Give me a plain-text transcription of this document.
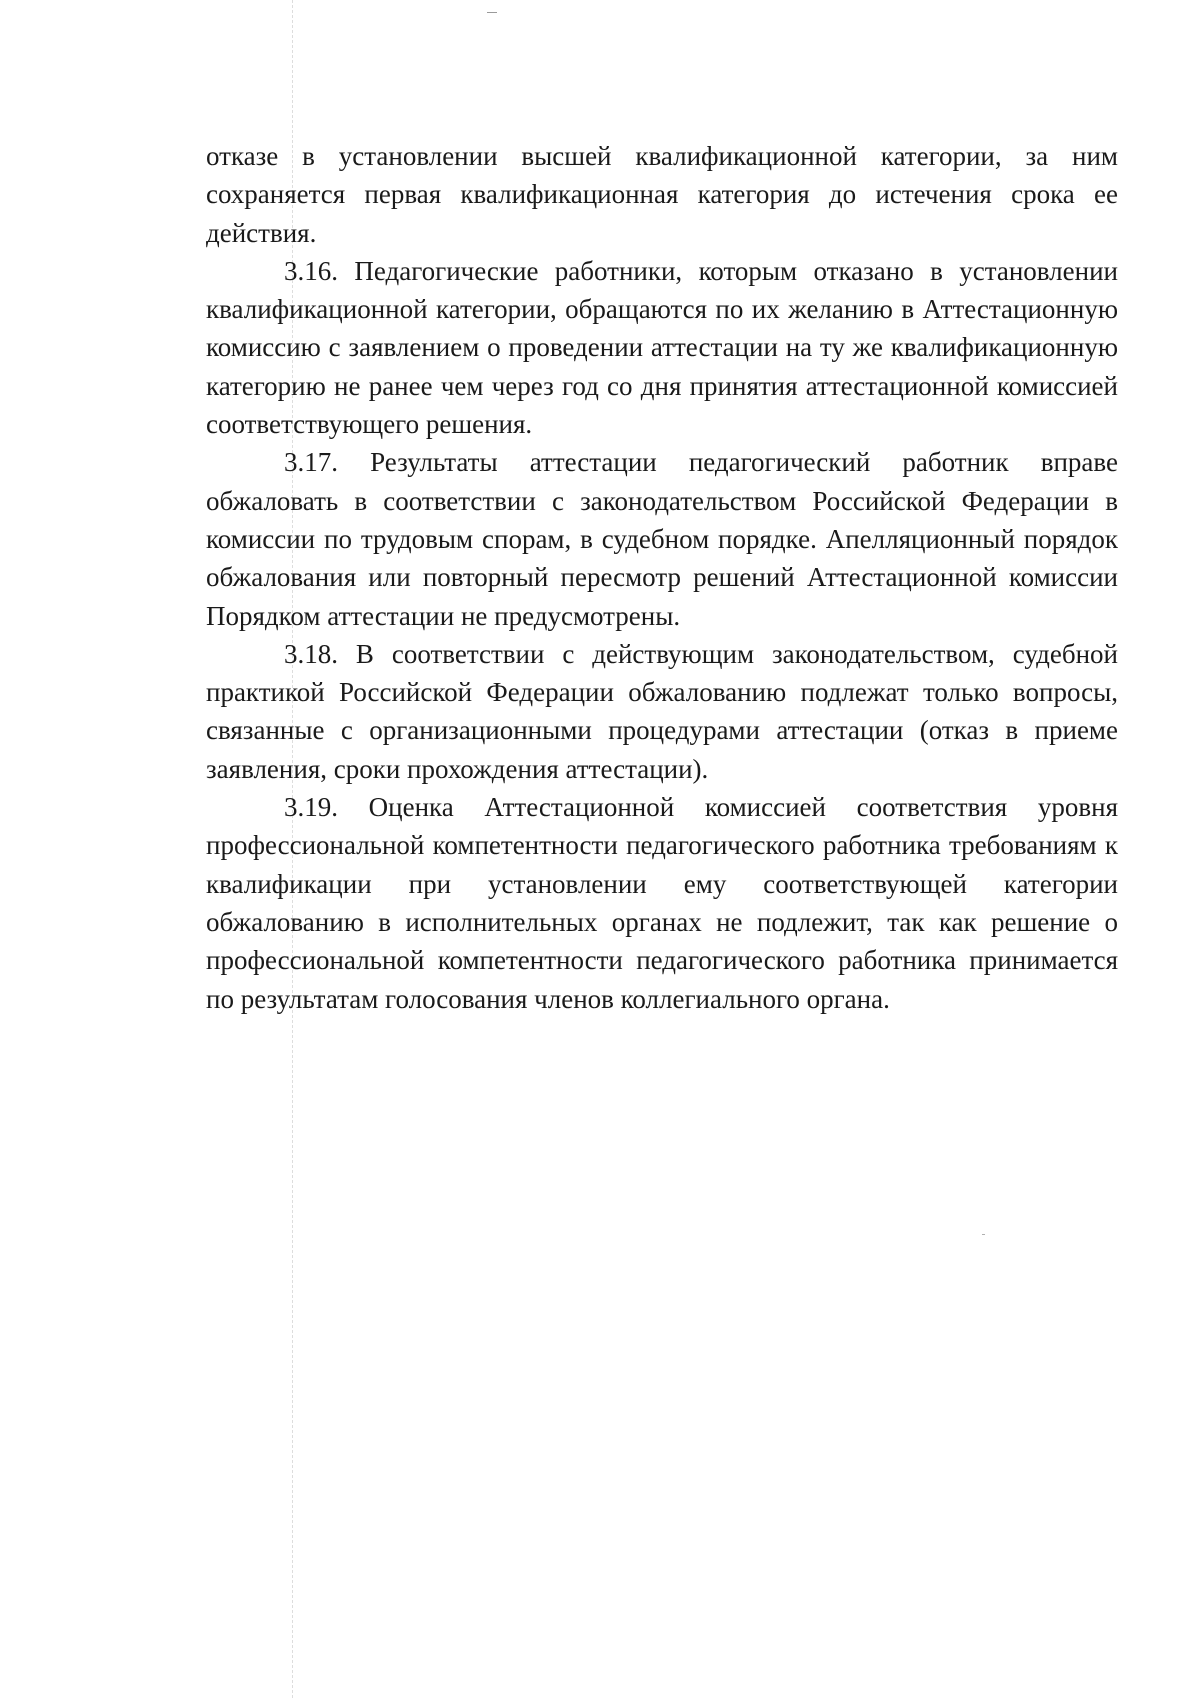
отказе в установлении высшей квалификационной категории, за ним сохраняется первая квалификационная категория до истечения срока ее действия.

3.16. Педагогические работники, которым отказано в установлении квалификационной категории, обращаются по их желанию в Аттестационную комиссию с заявлением о проведении аттестации на ту же квалификационную категорию не ранее чем через год со дня принятия аттестационной комиссией соответствующего решения.

3.17. Результаты аттестации педагогический работник вправе обжаловать в соответствии с законодательством Российской Федерации в комиссии по трудовым спорам, в судебном порядке. Апелляционный порядок обжалования или повторный пересмотр решений Аттестационной комиссии Порядком аттестации не предусмотрены.

3.18. В соответствии с действующим законодательством, судебной практикой Российской Федерации обжалованию подлежат только вопросы, связанные с организационными процедурами аттестации (отказ в приеме заявления, сроки прохождения аттестации).

3.19. Оценка Аттестационной комиссией соответствия уровня профессиональной компетентности педагогического работника требованиям к квалификации при установлении ему соответствующей категории обжалованию в исполнительных органах не подлежит, так как решение о профессиональной компетентности педагогического работника принимается по результатам голосования членов коллегиального органа.
